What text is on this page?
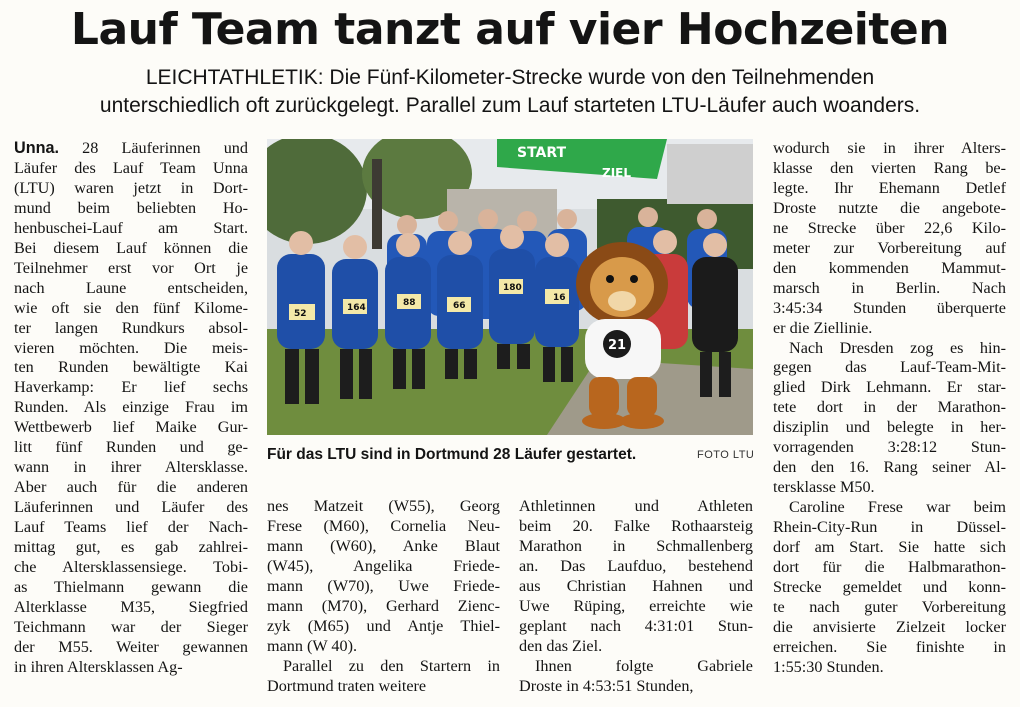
Lauf Team tanzt auf vier Hochzeiten
LEICHTATHLETIK: Die Fünf-Kilometer-Strecke wurde von den Teilnehmenden
unterschiedlich oft zurückgelegt. Parallel zum Lauf starteten LTU-Läufer auch woanders.
Unna. 28 Läuferinnen und
Läufer des Lauf Team Unna
(LTU) waren jetzt in Dort-
mund beim beliebten Ho-
henbuschei-Lauf am Start.
Bei diesem Lauf können die
Teilnehmer erst vor Ort je
nach Laune entscheiden,
wie oft sie den fünf Kilome-
ter langen Rundkurs absol-
vieren möchten. Die meis-
ten Runden bewältigte Kai
Haverkamp: Er lief sechs
Runden. Als einzige Frau im
Wettbewerb lief Maike Gur-
litt fünf Runden und ge-
wann in ihrer Altersklasse.
Aber auch für die anderen
Läuferinnen und Läufer des
Lauf Teams lief der Nach-
mittag gut, es gab zahlrei-
che Altersklassensiege. Tobi-
as Thielmann gewann die
Alterklasse M35, Siegfried
Teichmann war der Sieger
der M55. Weiter gewannen
in ihren Altersklassen Ag-
START
ZIEL
52
164	88	66
180
16
21
Für das LTU sind in Dortmund 28 Läufer gestartet.	FOTO LTU
nes Matzeit (W55), Georg
Frese (M60), Cornelia Neu-
mann (W60), Anke Blaut
(W45), Angelika Friede-
mann (W70), Uwe Friede-
mann (M70), Gerhard Zienc-
zyk (M65) und Antje Thiel-
mann (W 40).
Parallel zu den Startern in
Dortmund traten weitere
Athletinnen und Athleten
beim 20. Falke Rothaarsteig
Marathon in Schmallenberg
an. Das Laufduo, bestehend
aus Christian Hahnen und
Uwe Rüping, erreichte wie
geplant nach 4:31:01 Stun-
den das Ziel.
Ihnen folgte Gabriele
Droste in 4:53:51 Stunden,
wodurch sie in ihrer Alters-
klasse den vierten Rang be-
legte. Ihr Ehemann Detlef
Droste nutzte die angebote-
ne Strecke über 22,6 Kilo-
meter zur Vorbereitung auf
den kommenden Mammut-
marsch in Berlin. Nach
3:45:34 Stunden überquerte
er die Ziellinie.
Nach Dresden zog es hin-
gegen das Lauf-Team-Mit-
glied Dirk Lehmann. Er star-
tete dort in der Marathon-
disziplin und belegte in her-
vorragenden 3:28:12 Stun-
den den 16. Rang seiner Al-
tersklasse M50.
Caroline Frese war beim
Rhein-City-Run in Düssel-
dorf am Start. Sie hatte sich
dort für die Halbmarathon-
Strecke gemeldet und konn-
te nach guter Vorbereitung
die anvisierte Zielzeit locker
erreichen. Sie finishte in
1:55:30 Stunden.
